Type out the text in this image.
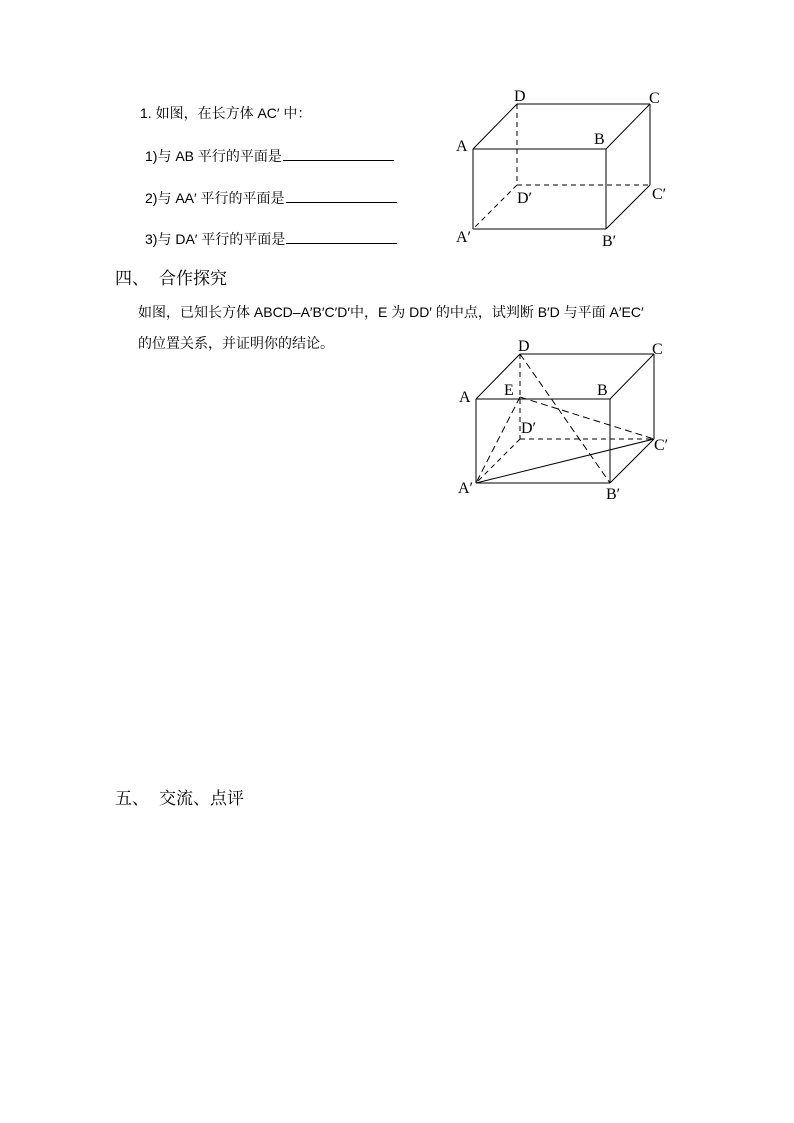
1. 如图，在长方体 AC′ 中：
1)与 AB 平行的平面是
2)与 AA′ 平行的平面是
3)与 DA′ 平行的平面是
D	C
A	B
D′	C′
A′	B′
四、 合作探究
如图，已知长方体 ABCD–A′B′C′D′中，E 为 DD′ 的中点，试判断 B′D 与平面 A′EC′
的位置关系，并证明你的结论。	D	C
A E	B
D′
C′
A′	B′
五、 交流、点评
